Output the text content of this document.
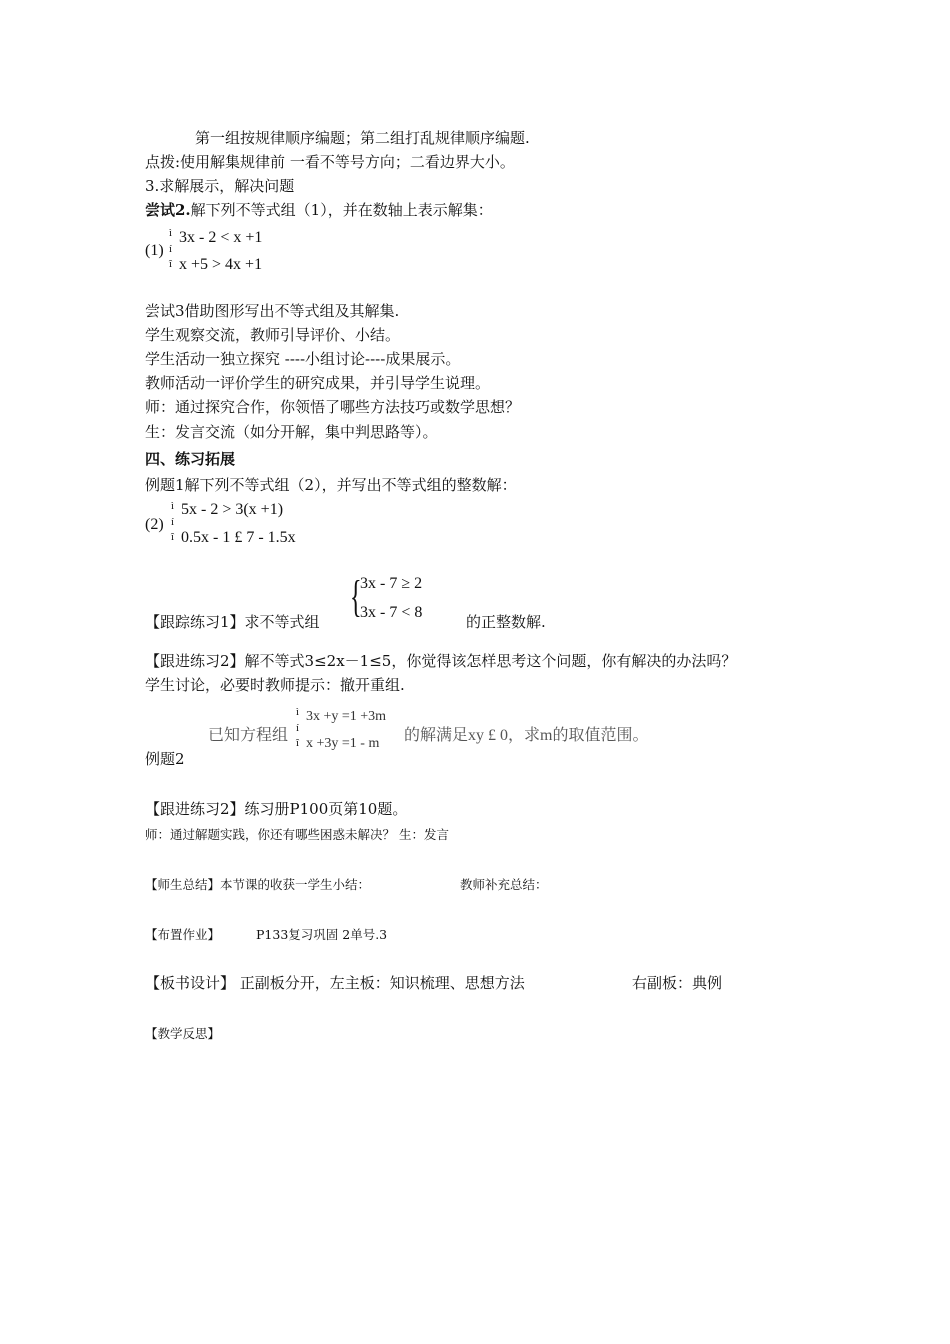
第一组按规律顺序编题；第二组打乱规律顺序编题.
点拨:使用解集规律前 一看不等号方向；二看边界大小。
3.求解展示，解决问题
尝试2.解下列不等式组（1），并在数轴上表示解集：
(1)
ì
í
î
3x - 2 < x +1
x +5 > 4x +1
尝试3借助图形写出不等式组及其解集.
学生观察交流，教师引导评价、小结。
学生活动一独立探究 ----小组讨论----成果展示。
教师活动一评价学生的研究成果，并引导学生说理。
师：通过探究合作，你领悟了哪些方法技巧或数学思想？
生：发言交流（如分开解，集中判思路等）。
四、练习拓展
例题1解下列不等式组（2），并写出不等式组的整数解：
(2)
ì
í
î
5x - 2 > 3(x +1)
0.5x - 1 £ 7 - 1.5x
{
3x - 7 ≥ 2
3x - 7 < 8
【跟踪练习1】求不等式组	的正整数解.
【跟进练习2】解不等式3≤2x－1≤5，你觉得该怎样思考这个问题，你有解决的办法吗？
学生讨论，必要时教师提示：撤开重组.
已知方程组
ì
í
î
3x +y =1 +3m
x +3y =1 - m 的解满足xy £ 0，求m的取值范围。
例题2
【跟进练习2】练习册P100页第10题。
师：通过解题实践，你还有哪些困惑未解决？ 生：发言
【师生总结】本节课的收获一学生小结：	教师补充总结：
【布置作业】	P133复习巩固 2单号.3
【板书设计】 正副板分开，左主板：知识梳理、思想方法	右副板：典例
【教学反思】
